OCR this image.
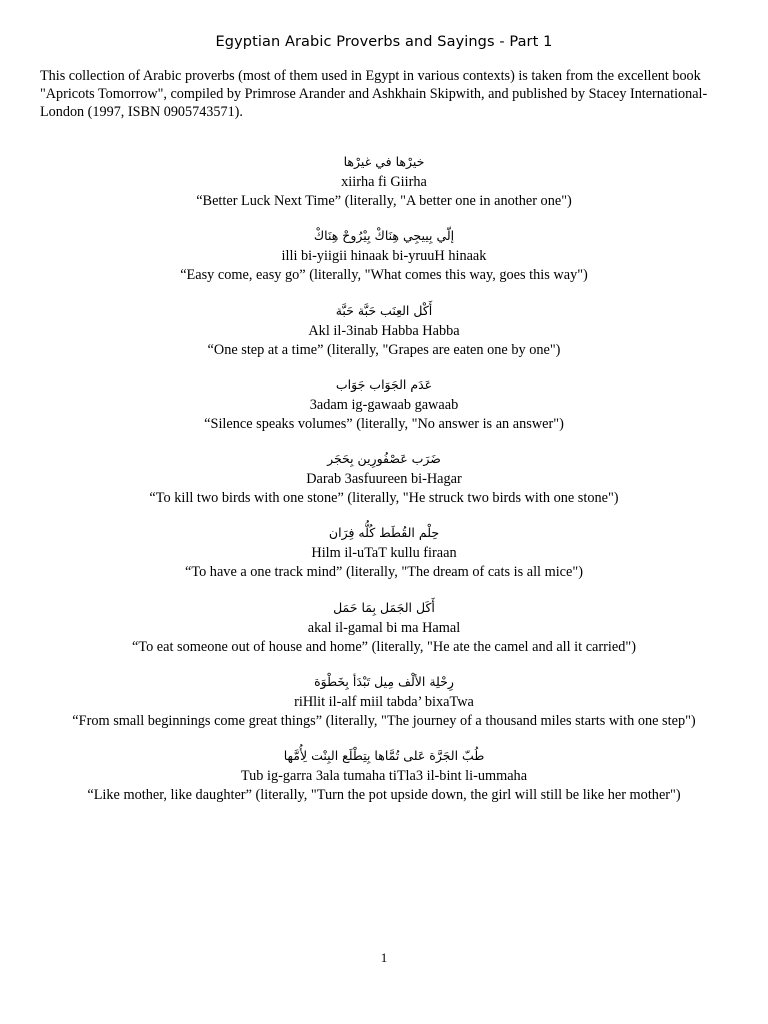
Egyptian Arabic Proverbs and Sayings - Part 1
This collection of Arabic proverbs (most of them used in Egypt in various contexts) is taken from the excellent book "Apricots Tomorrow", compiled by Primrose Arander and Ashkhain Skipwith, and published by Stacey International-London (1997, ISBN 0905743571).
خيرْها في غيرْها
xiirha fi Giirha
“Better Luck Next Time” (literally, "A better one in another one")
إلّي بِييجِي هِنَاكْ بِيْرُوحْ هِنَاكْ
illi bi-yiigii hinaak bi-yruuH hinaak
“Easy come, easy go” (literally, "What comes this way, goes this way")
أَكْل العِنَب حَبَّة حَبَّة
Akl il-3inab Habba Habba
“One step at a time” (literally, "Grapes are eaten one by one")
عَدَم الجَوَاب جَوَاب
3adam ig-gawaab gawaab
“Silence speaks volumes” (literally, "No answer is an answer")
ضَرَب عَصْفُورِين بِحَجَر
Darab 3asfuureen bi-Hagar
“To kill two birds with one stone” (literally, "He struck two birds with one stone")
حِلْم القُطَط كُلُّه فِرَان
Hilm il-uTaT kullu firaan
“To have a one track mind” (literally, "The dream of cats is all mice")
أَكَل الجَمَل بِمَا حَمَل
akal il-gamal bi ma Hamal
“To eat someone out of house and home” (literally, "He ate the camel and all it carried")
رِحْلِة الألْف مِيل تَبْدَأ بِخَطْوَة
riHlit il-alf miil tabda’ bixaTwa
“From small beginnings come great things” (literally, "The journey of a thousand miles starts with one step")
طُبّ الجَرَّة عَلى تُمَّاها بِتِطْلَع البِنْت لِأُمَّها
Tub ig-garra 3ala tumaha tiTla3 il-bint li-ummaha
“Like mother, like daughter” (literally, "Turn the pot upside down, the girl will still be like her mother")
1
